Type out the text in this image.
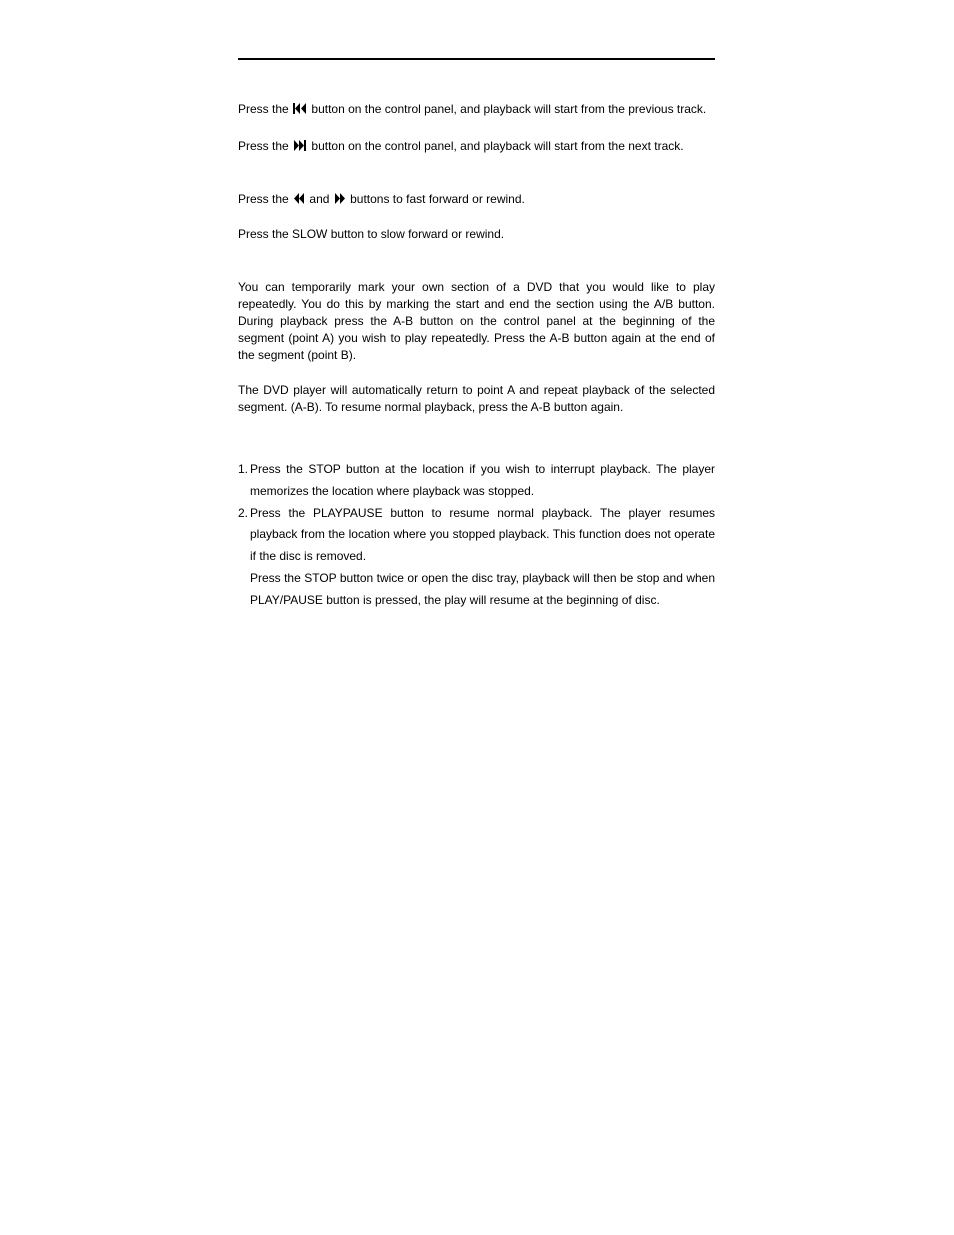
Press the button on the control panel, and playback will start from the previous track.

Press the button on the control panel, and playback will start from the next track.

Press the and buttons to fast forward or rewind.

Press the SLOW button to slow forward or rewind.

You can temporarily mark your own section of a DVD that you would like to play repeatedly. You do this by marking the start and end the section using the A/B button. During playback press the A-B button on the control panel at the beginning of the segment (point A) you wish to play repeatedly. Press the A-B button again at the end of the segment (point B).

The DVD player will automatically return to point A and repeat playback of the selected segment. (A-B). To resume normal playback, press the A-B button again.

1. Press the STOP button at the location if you wish to interrupt playback. The player memorizes the location where playback was stopped.
2. Press the PLAYPAUSE button to resume normal playback. The player resumes playback from the location where you stopped playback. This function does not operate if the disc is removed.
Press the STOP button twice or open the disc tray, playback will then be stop and when PLAY/PAUSE button is pressed, the play will resume at the beginning of disc.
